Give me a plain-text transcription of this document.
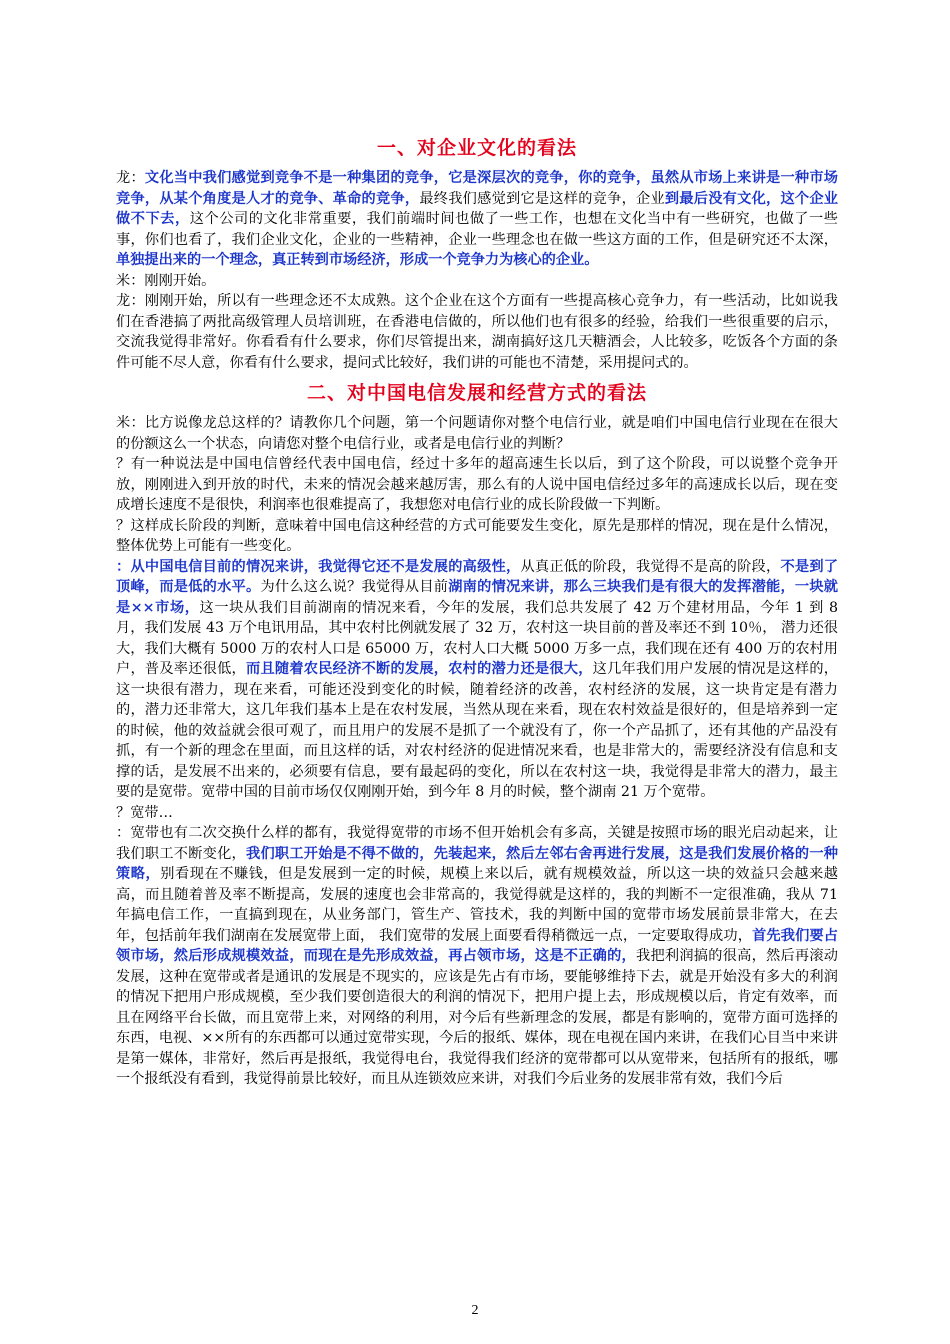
一、对企业文化的看法

龙：文化当中我们感觉到竞争不是一种集团的竞争，它是深层次的竞争，你的竞争，虽然从市场上来讲是一种市场竞争，从某个角度是人才的竞争、革命的竞争，最终我们感觉到它是这样的竞争，企业到最后没有文化，这个企业做不下去，这个公司的文化非常重要，我们前端时间也做了一些工作，也想在文化当中有一些研究，也做了一些事，你们也看了，我们企业文化，企业的一些精神，企业一些理念也在做一些这方面的工作，但是研究还不太深，单独提出来的一个理念，真正转到市场经济，形成一个竞争力为核心的企业。

米：刚刚开始。

龙：刚刚开始，所以有一些理念还不太成熟。这个企业在这个方面有一些提高核心竞争力，有一些活动，比如说我们在香港搞了两批高级管理人员培训班，在香港电信做的，所以他们也有很多的经验，给我们一些很重要的启示，交流我觉得非常好。你看看有什么要求，你们尽管提出来，湖南搞好这几天糖酒会，人比较多，吃饭各个方面的条件可能不尽人意，你看有什么要求，提问式比较好，我们讲的可能也不清楚，采用提问式的。

二、对中国电信发展和经营方式的看法

米：比方说像龙总这样的？请教你几个问题，第一个问题请你对整个电信行业，就是咱们中国电信行业现在在很大的份额这么一个状态，向请您对整个电信行业，或者是电信行业的判断？

？有一种说法是中国电信曾经代表中国电信，经过十多年的超高速生长以后，到了这个阶段，可以说整个竞争开放，刚刚进入到开放的时代，未来的情况会越来越厉害，那么有的人说中国电信经过多年的高速成长以后，现在变成增长速度不是很快，利润率也很难提高了，我想您对电信行业的成长阶段做一下判断。

？这样成长阶段的判断，意味着中国电信这种经营的方式可能要发生变化，原先是那样的情况，现在是什么情况，整体优势上可能有一些变化。

：从中国电信目前的情况来讲，我觉得它还不是发展的高级性，从真正低的阶段，我觉得不是高的阶段，不是到了顶峰，而是低的水平。为什么这么说？我觉得从目前湖南的情况来讲，那么三块我们是有很大的发挥潜能，一块就是××市场，这一块从我们目前湖南的情况来看，今年的发展，我们总共发展了 42 万个建材用品，今年 1 到 8 月，我们发展 43 万个电讯用品，其中农村比例就发展了 32 万，农村这一块目前的普及率还不到 10％， 潜力还很大，我们大概有 5000 万的农村人口是 65000 万，农村人口大概 5000 万多一点，我们现在还有 400 万的农村用户，普及率还很低，而且随着农民经济不断的发展，农村的潜力还是很大，这几年我们用户发展的情况是这样的，这一块很有潜力，现在来看，可能还没到变化的时候，随着经济的改善，农村经济的发展，这一块肯定是有潜力的，潜力还非常大，这几年我们基本上是在农村发展，当然从现在来看，现在农村效益是很好的，但是培养到一定的时候，他的效益就会很可观了，而且用户的发展不是抓了一个就没有了，你一个产品抓了，还有其他的产品没有抓，有一个新的理念在里面，而且这样的话，对农村经济的促进情况来看，也是非常大的，需要经济没有信息和支撑的话，是发展不出来的，必须要有信息，要有最起码的变化，所以在农村这一块，我觉得是非常大的潜力，最主要的是宽带。宽带中国的目前市场仅仅刚刚开始，到今年 8 月的时候，整个湖南 21 万个宽带。

？宽带…

：宽带也有二次交换什么样的都有，我觉得宽带的市场不但开始机会有多高，关键是按照市场的眼光启动起来，让我们职工不断变化，我们职工开始是不得不做的，先装起来，然后左邻右舍再进行发展，这是我们发展价格的一种策略，别看现在不赚钱，但是发展到一定的时候，规模上来以后，就有规模效益，所以这一块的效益只会越来越高，而且随着普及率不断提高，发展的速度也会非常高的，我觉得就是这样的，我的判断不一定很准确，我从 71 年搞电信工作，一直搞到现在，从业务部门，管生产、管技术，我的判断中国的宽带市场发展前景非常大，在去年，包括前年我们湖南在发展宽带上面， 我们宽带的发展上面要看得稍微远一点，一定要取得成功，首先我们要占领市场，然后形成规模效益，而现在是先形成效益，再占领市场，这是不正确的，我把利润搞的很高，然后再滚动发展，这种在宽带或者是通讯的发展是不现实的，应该是先占有市场，要能够维持下去，就是开始没有多大的利润的情况下把用户形成规模，至少我们要创造很大的利润的情况下，把用户提上去，形成规模以后，肯定有效率，而且在网络平台长做，而且宽带上来，对网络的利用，对今后有些新理念的发展，都是有影响的，宽带方面可选择的东西，电视、××所有的东西都可以通过宽带实现，今后的报纸、媒体，现在电视在国内来讲，在我们心目当中来讲是第一媒体，非常好，然后再是报纸，我觉得电台，我觉得我们经济的宽带都可以从宽带来，包括所有的报纸，哪一个报纸没有看到，我觉得前景比较好，而且从连锁效应来讲，对我们今后业务的发展非常有效，我们今后

2
